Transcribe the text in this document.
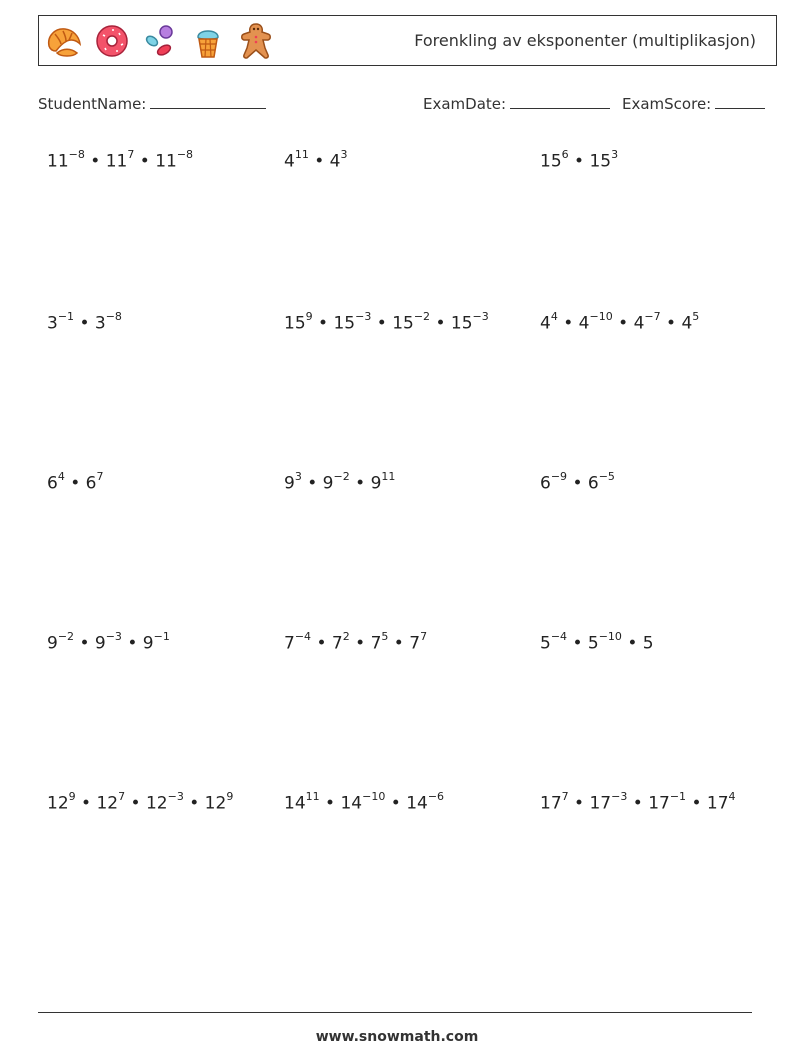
Forenkling av eksponenter (multiplikasjon)
StudentName:	ExamDate:	ExamScore:
$11^{-8}$ • $11^7$ • $11^{-8}$	$4^{11}$ • $4^3$	$15^6$ • $15^3$
$3^{-1}$ • $3^{-8}$	$15^9$ • $15^{-3}$ • $15^{-2}$ • $15^{-3}$	$4^4$ • $4^{-10}$ • $4^{-7}$ • $4^5$
$6^4$ • $6^7$	$9^3$ • $9^{-2}$ • $9^{11}$	$6^{-9}$ • $6^{-5}$
$9^{-2}$ • $9^{-3}$ • $9^{-1}$	$7^{-4}$ • $7^2$ • $7^5$ • $7^7$	$5^{-4}$ • $5^{-10}$ • 5
$12^9$ • $12^7$ • $12^{-3}$ • $12^9$	$14^{11}$ • $14^{-10}$ • $14^{-6}$	$17^7$ • $17^{-3}$ • $17^{-1}$ • $17^4$
www.snowmath.com
